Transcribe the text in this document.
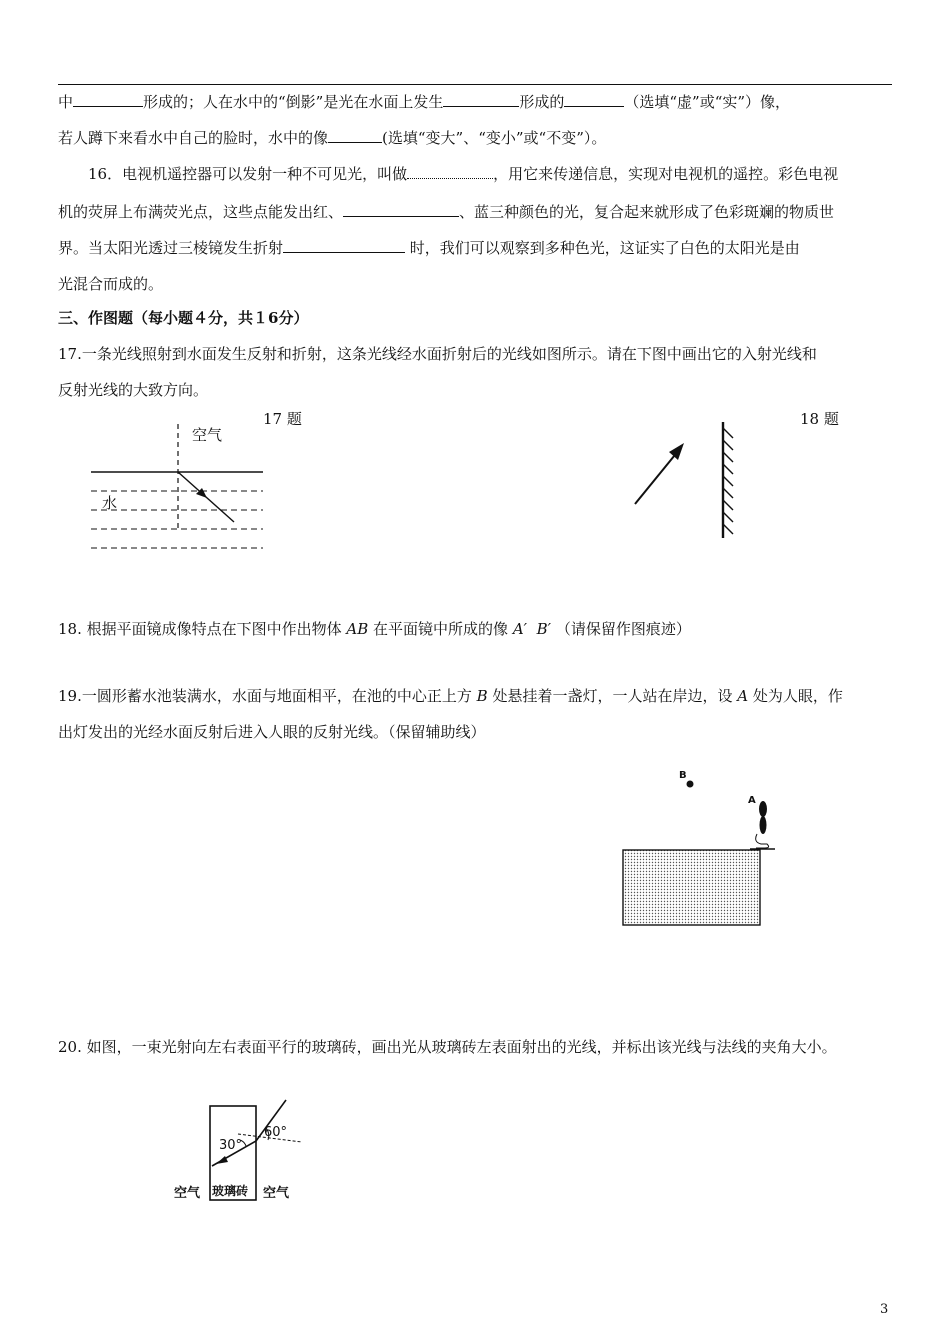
中	形成的；人在水中的“倒影”是光在水面上发生	形成的	（选填“虚”或“实”）像，
若人蹲下来看水中自己的脸时，水中的像	(选填“变大”、“变小”或“不变”）。
16．电视机遥控器可以发射一种不可见光，叫做	，用它来传递信息，实现对电视机的遥控。彩色电视
机的荧屏上布满荧光点，这些点能发出红、	、蓝三种颜色的光，复合起来就形成了色彩斑斓的物质世
界。当太阳光透过三棱镜发生折射	时，我们可以观察到多种色光，这证实了白色的太阳光是由
光混合而成的。
三、作图题（每小题４分，共１6分）
17.一条光线照射到水面发生反射和折射，这条光线经水面折射后的光线如图所示。请在下图中画出它的入射光线和
反射光线的大致方向。
空气
水
17 题	18 题
18. 根据平面镜成像特点在下图中作出物体 AB 在平面镜中所成的像 A′ B′ （请保留作图痕迹）
19.一圆形蓄水池装满水，水面与地面相平，在池的中心正上方 B 处悬挂着一盏灯，一人站在岸边，设 A 处为人眼，作
出灯发出的光经水面反射后进入人眼的反射光线。（保留辅助线）
B
A
20. 如图，一束光射向左右表面平行的玻璃砖，画出光从玻璃砖左表面射出的光线，并标出该光线与法线的夹角大小。
30°
60°
空气 玻璃砖 空气
3
